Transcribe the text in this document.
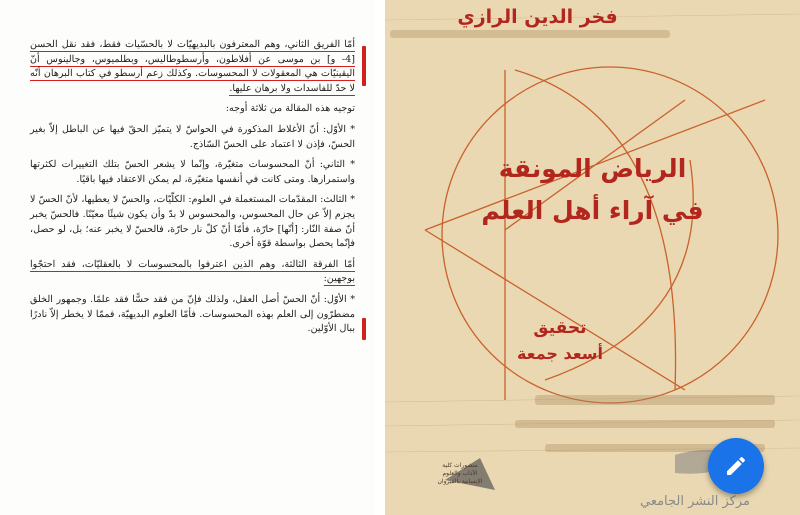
أمّا الفريق الثاني، وهم المعترفون بالبديهيّات لا بالحسّيات فقط، فقد نقل الحسن [4- و] بن موسى عن أفلاطون، وأرسطوطاليس، وبطلميوس، وجالينوس أنّ اليقينيّات هي المعقولات لا المحسوسات. وكذلك زعم أرسطو في كتاب البرهان أنّه لا حدّ للفاسدات ولا برهان عليها.

توجيه هذه المقالة من ثلاثة أوجه:

* الأوّل: أنّ الأغلاط المذكورة في الحواسّ لا يتميّز الحقّ فيها عن الباطل إلاّ بغير الحسّ، فإذن لا اعتماد على الحسّ السّاذج.

* الثاني: أنّ المحسوسات متغيّرة، وإنّما لا يشعر الحسّ بتلك التغييرات لكثرتها واستمرارها. ومتى كانت في أنفسها متغيّرة، لم يمكن الاعتقاد فيها باقيًا.

* الثالث: المقدّمات المستعملة في العلوم: الكلّيّات، والحسّ لا يعطيها، لأنّ الحسّ لا يجزم إلاّ عن حال المحسوس، والمحسوس لا بدّ وأن يكون شيئًا معيّنًا. فالحسّ يخبر أنّ صفة النّار: [أنّها] حارّة، فأمّا أنّ كلّ نار حارّة، فالحسّ لا يخبر عنه؛ بل، لو حصل، فإنّما يحصل بواسطة قوّة أخرى.

أمّا الفرقة الثالثة، وهم الذين اعترفوا بالمحسوسات لا بالعقليّات، فقد احتجّوا بوجهين:

* الأوّل: أنّ الحسّ أصل العقل، ولذلك فإنّ من فقد حسًّا فقد علمًا. وجمهور الخلق مضطرّون إلى العلم بهذه المحسوسات. فأمّا العلوم البديهيّة، فممّا لا يخطر إلاّ نادرًا ببال الأوّلين.

فخر الدين الرازي
الرياض المونقة
في آراء أهل العلم
تحقيق
أسعد جمعة
منشورات كلية الآداب والعلوم الإنسانية بالقيروان
مركز النشر الجامعي
